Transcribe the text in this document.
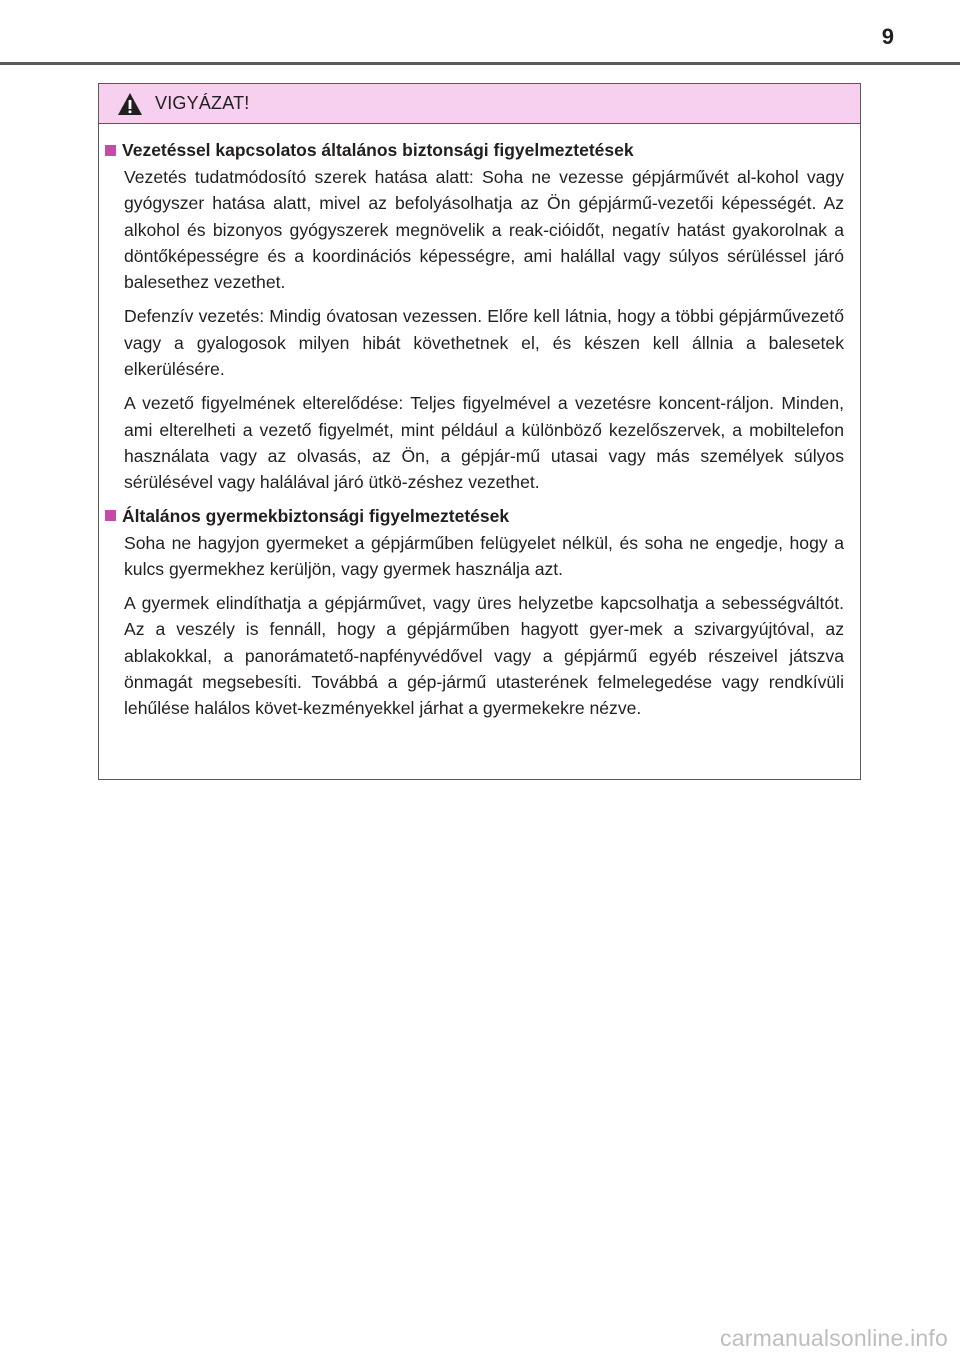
9
VIGYÁZAT!
Vezetéssel kapcsolatos általános biztonsági figyelmeztetések

Vezetés tudatmódosító szerek hatása alatt: Soha ne vezesse gépjárművét al-kohol vagy gyógyszer hatása alatt, mivel az befolyásolhatja az Ön gépjármű-vezetői képességét. Az alkohol és bizonyos gyógyszerek megnövelik a reak-cióidőt, negatív hatást gyakorolnak a döntőképességre és a koordinációs képességre, ami halállal vagy súlyos sérüléssel járó balesethez vezethet.

Defenzív vezetés: Mindig óvatosan vezessen. Előre kell látnia, hogy a többi gépjárművezető vagy a gyalogosok milyen hibát követhetnek el, és készen kell állnia a balesetek elkerülésére.

A vezető figyelmének elterelődése: Teljes figyelmével a vezetésre koncent-ráljon. Minden, ami elterelheti a vezető figyelmét, mint például a különböző kezelőszervek, a mobiltelefon használata vagy az olvasás, az Ön, a gépjár-mű utasai vagy más személyek súlyos sérülésével vagy halálával járó ütkö-zéshez vezethet.

Általános gyermekbiztonsági figyelmeztetések

Soha ne hagyjon gyermeket a gépjárműben felügyelet nélkül, és soha ne engedje, hogy a kulcs gyermekhez kerüljön, vagy gyermek használja azt.

A gyermek elindíthatja a gépjárművet, vagy üres helyzetbe kapcsolhatja a sebességváltót. Az a veszély is fennáll, hogy a gépjárműben hagyott gyer-mek a szivargyújtóval, az ablakokkal, a panorámatető-napfényvédővel vagy a gépjármű egyéb részeivel játszva önmagát megsebesíti. Továbbá a gép-jármű utasterének felmelegedése vagy rendkívüli lehűlése halálos követ-kezményekkel járhat a gyermekekre nézve.

carmanualsonline.info
